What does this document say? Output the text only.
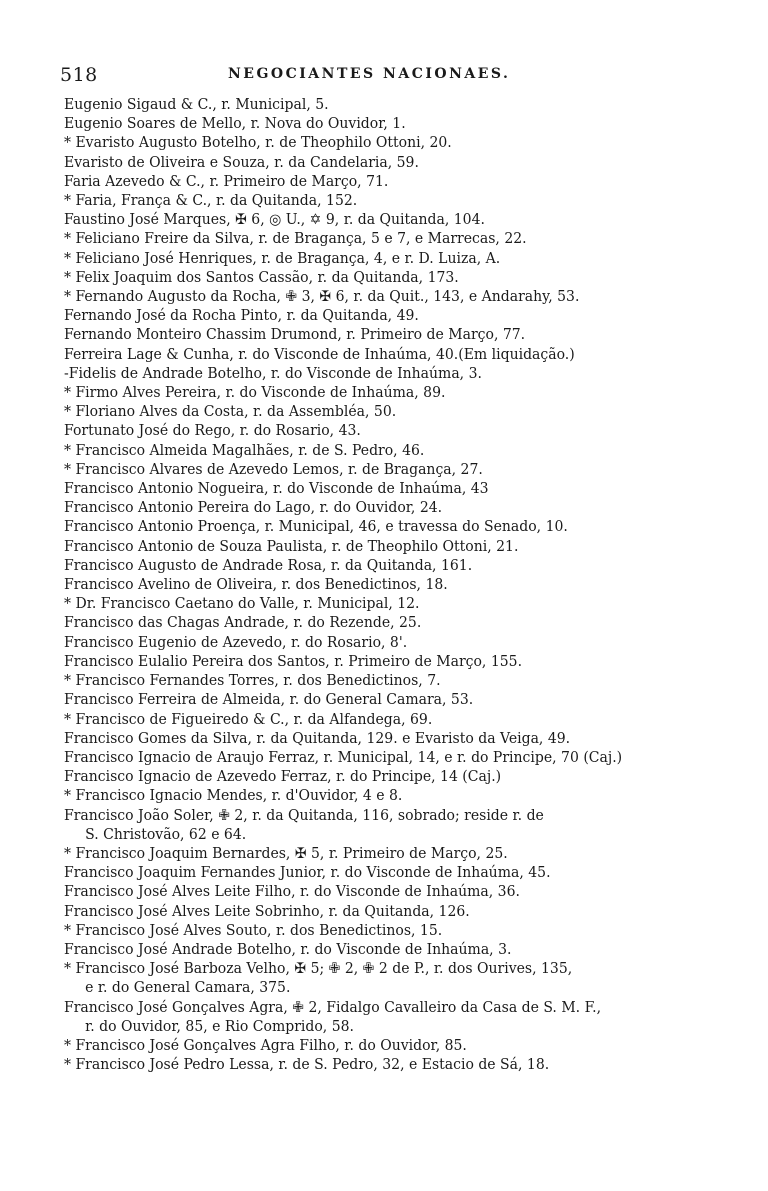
518	NEGOCIANTES NACIONAES.
Eugenio Sigaud & C., r. Municipal, 5.
Eugenio Soares de Mello, r. Nova do Ouvidor, 1.
* Evaristo Augusto Botelho, r. de Theophilo Ottoni, 20.
Evaristo de Oliveira e Souza, r. da Candelaria, 59.
Faria Azevedo & C., r. Primeiro de Março, 71.
* Faria, França & C., r. da Quitanda, 152.
Faustino José Marques, ✠ 6, ◎ U., ✡ 9, r. da Quitanda, 104.
* Feliciano Freire da Silva, r. de Bragança, 5 e 7, e Marrecas, 22.
* Feliciano José Henriques, r. de Bragança, 4, e r. D. Luiza, A.
* Felix Joaquim dos Santos Cassão, r. da Quitanda, 173.
* Fernando Augusto da Rocha, ✙ 3, ✠ 6, r. da Quit., 143, e Andarahy, 53.
Fernando José da Rocha Pinto, r. da Quitanda, 49.
Fernando Monteiro Chassim Drumond, r. Primeiro de Março, 77.
Ferreira Lage & Cunha, r. do Visconde de Inhaúma, 40.(Em liquidação.)
-Fidelis de Andrade Botelho, r. do Visconde de Inhaúma, 3.
* Firmo Alves Pereira, r. do Visconde de Inhaúma, 89.
* Floriano Alves da Costa, r. da Assembléa, 50.
Fortunato José do Rego, r. do Rosario, 43.
* Francisco Almeida Magalhães, r. de S. Pedro, 46.
* Francisco Alvares de Azevedo Lemos, r. de Bragança, 27.
Francisco Antonio Nogueira, r. do Visconde de Inhaúma, 43
Francisco Antonio Pereira do Lago, r. do Ouvidor, 24.
Francisco Antonio Proença, r. Municipal, 46, e travessa do Senado, 10.
Francisco Antonio de Souza Paulista, r. de Theophilo Ottoni, 21.
Francisco Augusto de Andrade Rosa, r. da Quitanda, 161.
Francisco Avelino de Oliveira, r. dos Benedictinos, 18.
* Dr. Francisco Caetano do Valle, r. Municipal, 12.
Francisco das Chagas Andrade, r. do Rezende, 25.
Francisco Eugenio de Azevedo, r. do Rosario, 8'.
Francisco Eulalio Pereira dos Santos, r. Primeiro de Março, 155.
* Francisco Fernandes Torres, r. dos Benedictinos, 7.
Francisco Ferreira de Almeida, r. do General Camara, 53.
* Francisco de Figueiredo & C., r. da Alfandega, 69.
Francisco Gomes da Silva, r. da Quitanda, 129. e Evaristo da Veiga, 49.
Francisco Ignacio de Araujo Ferraz, r. Municipal, 14, e r. do Principe, 70 (Caj.)
Francisco Ignacio de Azevedo Ferraz, r. do Principe, 14 (Caj.)
* Francisco Ignacio Mendes, r. d'Ouvidor, 4 e 8.
Francisco João Soler, ✙ 2, r. da Quitanda, 116, sobrado; reside r. de
S. Christovão, 62 e 64.
* Francisco Joaquim Bernardes, ✠ 5, r. Primeiro de Março, 25.
Francisco Joaquim Fernandes Junior, r. do Visconde de Inhaúma, 45.
Francisco José Alves Leite Filho, r. do Visconde de Inhaúma, 36.
Francisco José Alves Leite Sobrinho, r. da Quitanda, 126.
* Francisco José Alves Souto, r. dos Benedictinos, 15.
Francisco José Andrade Botelho, r. do Visconde de Inhaúma, 3.
* Francisco José Barboza Velho, ✠ 5; ✙ 2, ✙ 2 de P., r. dos Ourives, 135,
e r. do General Camara, 375.
Francisco José Gonçalves Agra, ✙ 2, Fidalgo Cavalleiro da Casa de S. M. F.,
r. do Ouvidor, 85, e Rio Comprido, 58.
* Francisco José Gonçalves Agra Filho, r. do Ouvidor, 85.
* Francisco José Pedro Lessa, r. de S. Pedro, 32, e Estacio de Sá, 18.
